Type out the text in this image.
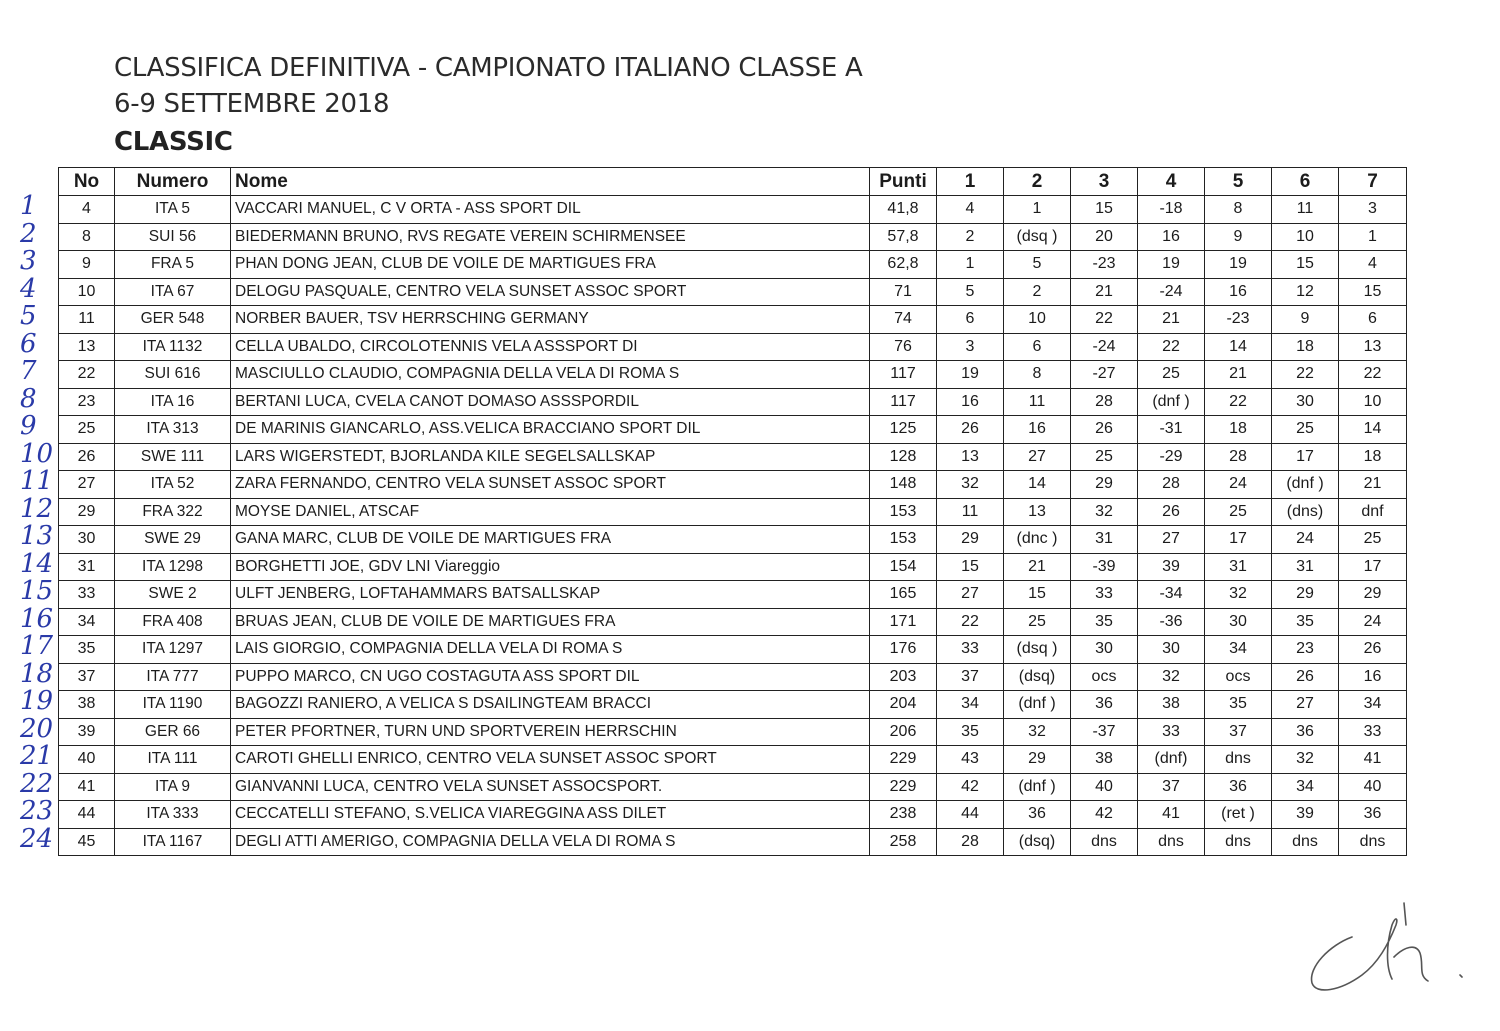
CLASSIFICA DEFINITIVA - CAMPIONATO ITALIANO CLASSE A
6-9 SETTEMBRE 2018
CLASSIC
No	Numero	Nome	Punti	1	2	3	4	5	6	7
4	ITA 5	VACCARI MANUEL, C V ORTA - ASS SPORT DIL	41,8	4	1	15	-18	8	11	3
8	SUI 56	BIEDERMANN BRUNO, RVS REGATE VEREIN SCHIRMENSEE	57,8	2	(dsq )	20	16	9	10	1
9	FRA 5	PHAN DONG JEAN, CLUB DE VOILE DE MARTIGUES FRA	62,8	1	5	-23	19	19	15	4
10	ITA 67	DELOGU PASQUALE, CENTRO VELA SUNSET ASSOC SPORT	71	5	2	21	-24	16	12	15
11	GER 548	NORBER BAUER, TSV HERRSCHING GERMANY	74	6	10	22	21	-23	9	6
13	ITA 1132	CELLA UBALDO, CIRCOLOTENNIS VELA ASSSPORT DI	76	3	6	-24	22	14	18	13
22	SUI 616	MASCIULLO CLAUDIO, COMPAGNIA DELLA VELA DI ROMA S	117	19	8	-27	25	21	22	22
23	ITA 16	BERTANI LUCA, CVELA CANOT DOMASO ASSSPORDIL	117	16	11	28	(dnf )	22	30	10
25	ITA 313	DE MARINIS GIANCARLO, ASS.VELICA BRACCIANO SPORT DIL	125	26	16	26	-31	18	25	14
26	SWE 111	LARS WIGERSTEDT, BJORLANDA KILE SEGELSALLSKAP	128	13	27	25	-29	28	17	18
27	ITA 52	ZARA FERNANDO, CENTRO VELA SUNSET ASSOC SPORT	148	32	14	29	28	24	(dnf )	21
29	FRA 322	MOYSE DANIEL, ATSCAF	153	11	13	32	26	25	(dns)	dnf
30	SWE 29	GANA MARC, CLUB DE VOILE DE MARTIGUES FRA	153	29	(dnc )	31	27	17	24	25
31	ITA 1298	BORGHETTI JOE, GDV LNI Viareggio	154	15	21	-39	39	31	31	17
33	SWE 2	ULFT JENBERG, LOFTAHAMMARS BATSALLSKAP	165	27	15	33	-34	32	29	29
34	FRA 408	BRUAS JEAN, CLUB DE VOILE DE MARTIGUES FRA	171	22	25	35	-36	30	35	24
35	ITA 1297	LAIS GIORGIO, COMPAGNIA DELLA VELA DI ROMA S	176	33	(dsq )	30	30	34	23	26
37	ITA 777	PUPPO MARCO, CN UGO COSTAGUTA ASS SPORT DIL	203	37	(dsq)	ocs	32	ocs	26	16
38	ITA 1190	BAGOZZI RANIERO, A VELICA S DSAILINGTEAM BRACCI	204	34	(dnf )	36	38	35	27	34
39	GER 66	PETER PFORTNER, TURN UND SPORTVEREIN HERRSCHIN	206	35	32	-37	33	37	36	33
40	ITA 111	CAROTI GHELLI ENRICO, CENTRO VELA SUNSET ASSOC SPORT	229	43	29	38	(dnf)	dns	32	41
41	ITA 9	GIANVANNI LUCA, CENTRO VELA SUNSET ASSOCSPORT.	229	42	(dnf )	40	37	36	34	40
44	ITA 333	CECCATELLI STEFANO, S.VELICA VIAREGGINA ASS DILET	238	44	36	42	41	(ret )	39	36
45	ITA 1167	DEGLI ATTI AMERIGO, COMPAGNIA DELLA VELA DI ROMA S	258	28	(dsq)	dns	dns	dns	dns	dns
1
2
3
4
5
6
7
8
9
10
11
12
13
14
15
16
17
18
19
20
21
22
23
24
